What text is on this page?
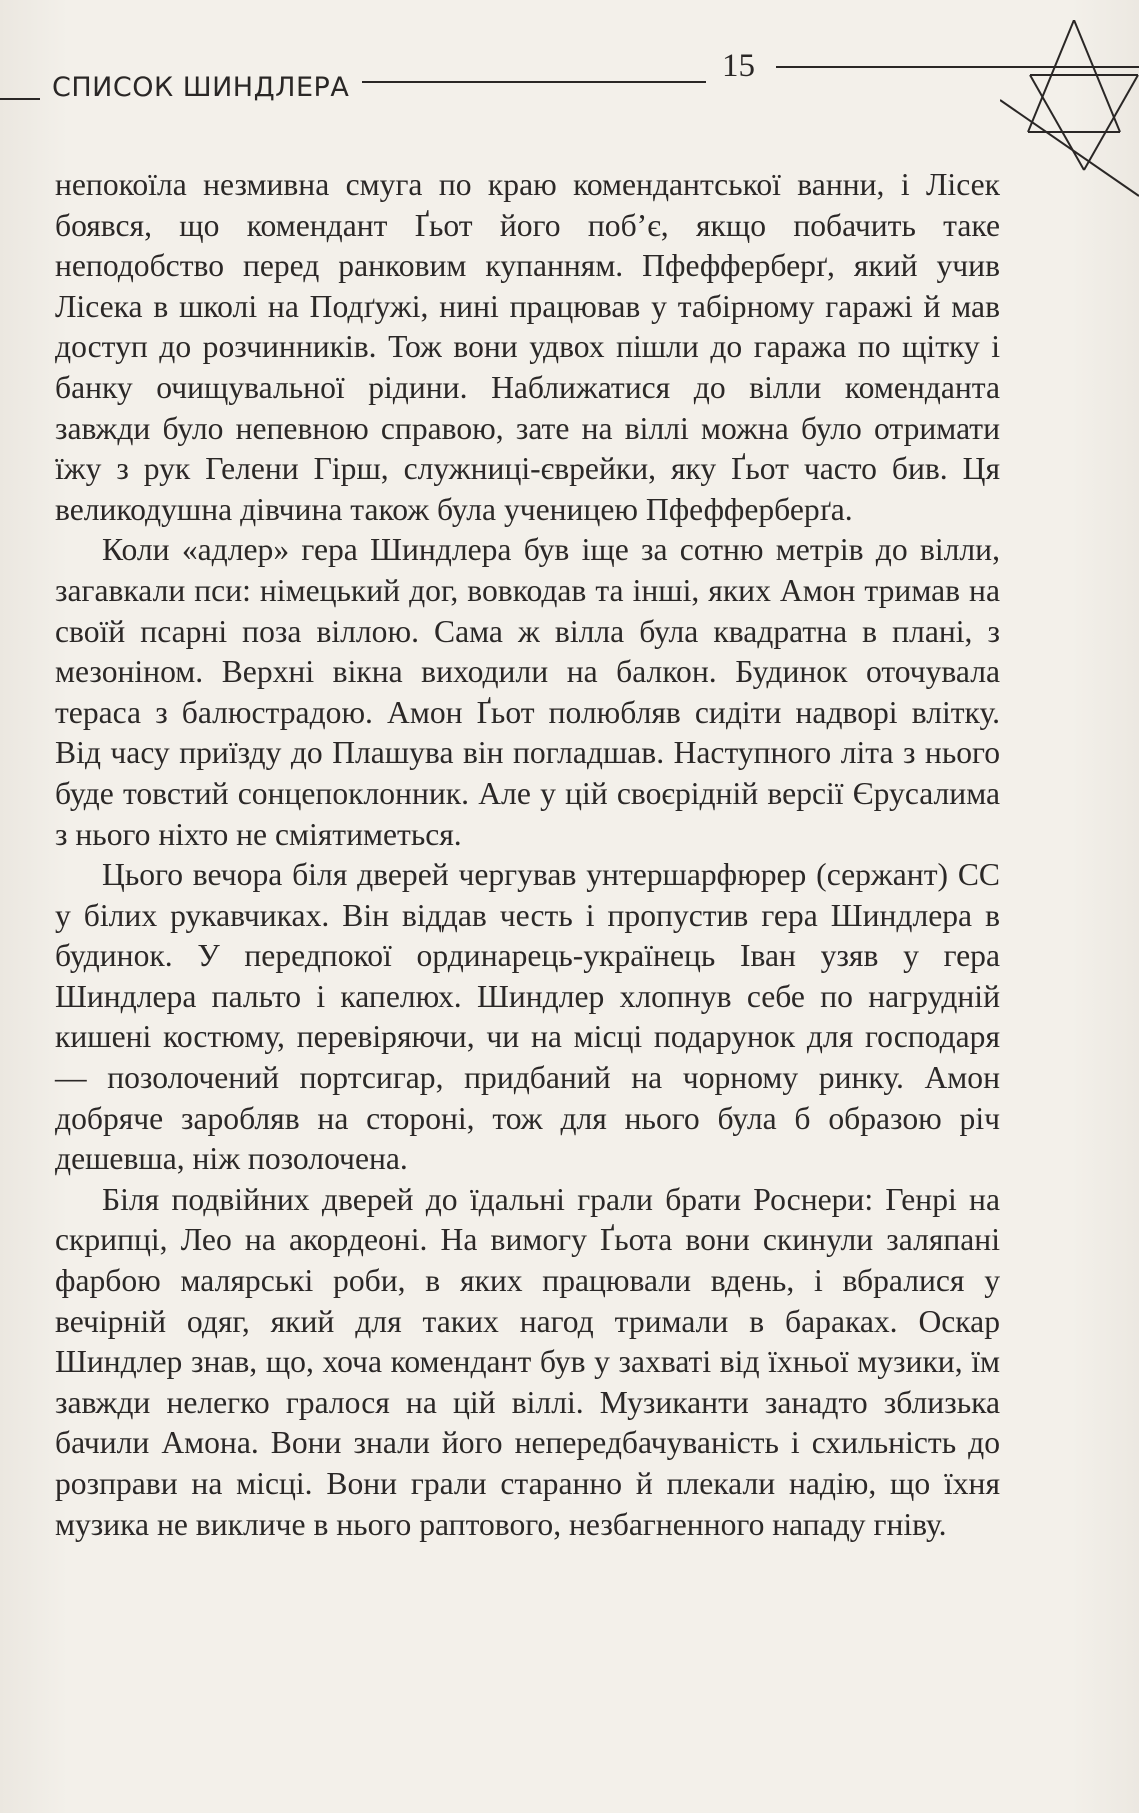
СПИСОК ШИНДЛЕРА
15

непокоїла незмивна смуга по краю комендантської ванни, і Лісек боявся, що комендант Ґьот його поб’є, якщо побачить таке неподобство перед ранковим купанням. Пфефферберґ, який учив Лісека в школі на Подґужі, нині працював у табірному гаражі й мав доступ до розчинників. Тож вони удвох пішли до гаража по щітку і банку очищувальної рідини. Наближатися до вілли коменданта завжди було непевною справою, зате на віллі можна було отримати їжу з рук Гелени Гірш, служниці-єврейки, яку Ґьот часто бив. Ця великодушна дівчина також була ученицею Пфефферберґа.

Коли «адлер» гера Шиндлера був іще за сотню метрів до вілли, загавкали пси: німецький дог, вовкодав та інші, яких Амон тримав на своїй псарні поза віллою. Сама ж вілла була квадратна в плані, з мезоніном. Верхні вікна виходили на балкон. Будинок оточувала тераса з балюстрадою. Амон Ґьот полюбляв сидіти надворі влітку. Від часу приїзду до Плашува він погладшав. Наступного літа з нього буде товстий сонцепоклонник. Але у цій своєрідній версії Єрусалима з нього ніхто не сміятиметься.

Цього вечора біля дверей чергував унтершарфюрер (сержант) СС у білих рукавчиках. Він віддав честь і пропустив гера Шиндлера в будинок. У передпокої ординарець-українець Іван узяв у гера Шиндлера пальто і капелюх. Шиндлер хлопнув себе по нагрудній кишені костюму, перевіряючи, чи на місці подарунок для господаря — позолочений портсигар, придбаний на чорному ринку. Амон добряче заробляв на стороні, тож для нього була б образою річ дешевша, ніж позолочена.

Біля подвійних дверей до їдальні грали брати Роснери: Генрі на скрипці, Лео на акордеоні. На вимогу Ґьота вони скинули заляпані фарбою малярські роби, в яких працювали вдень, і вбралися у вечірній одяг, який для таких нагод тримали в бараках. Оскар Шиндлер знав, що, хоча комендант був у захваті від їхньої музики, їм завжди нелегко гралося на цій віллі. Музиканти занадто зблизька бачили Амона. Вони знали його непередбачуваність і схильність до розправи на місці. Вони грали старанно й плекали надію, що їхня музика не викличе в нього раптового, незбагненного нападу гніву.
